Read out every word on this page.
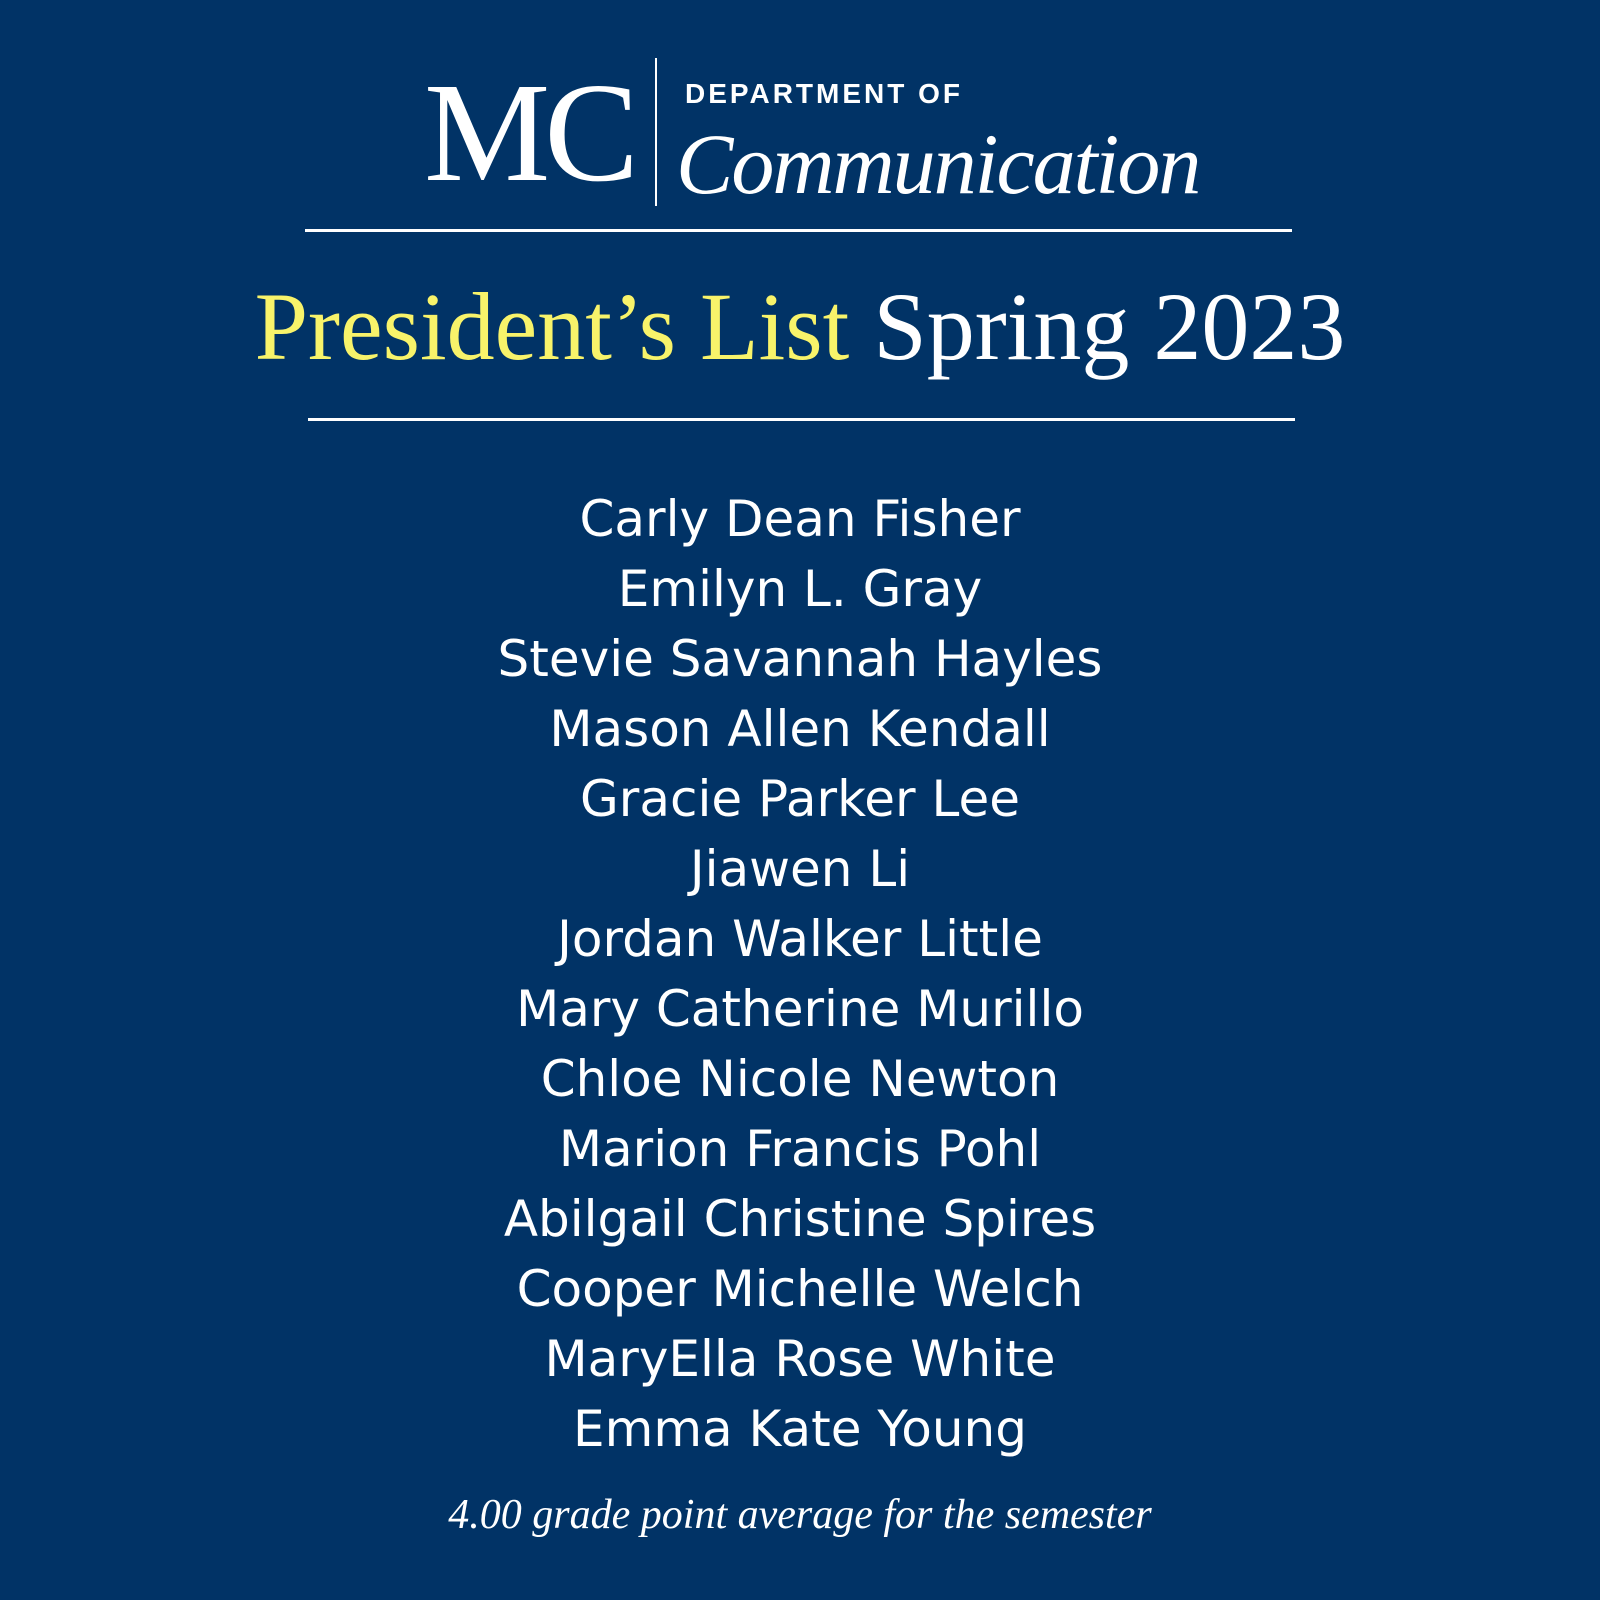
MC DEPARTMENT OF
Communication
President’s List Spring 2023
Carly Dean Fisher
Emilyn L. Gray
Stevie Savannah Hayles
Mason Allen Kendall
Gracie Parker Lee
Jiawen Li
Jordan Walker Little
Mary Catherine Murillo
Chloe Nicole Newton
Marion Francis Pohl
Abilgail Christine Spires
Cooper Michelle Welch
MaryElla Rose White
Emma Kate Young
4.00 grade point average for the semester
